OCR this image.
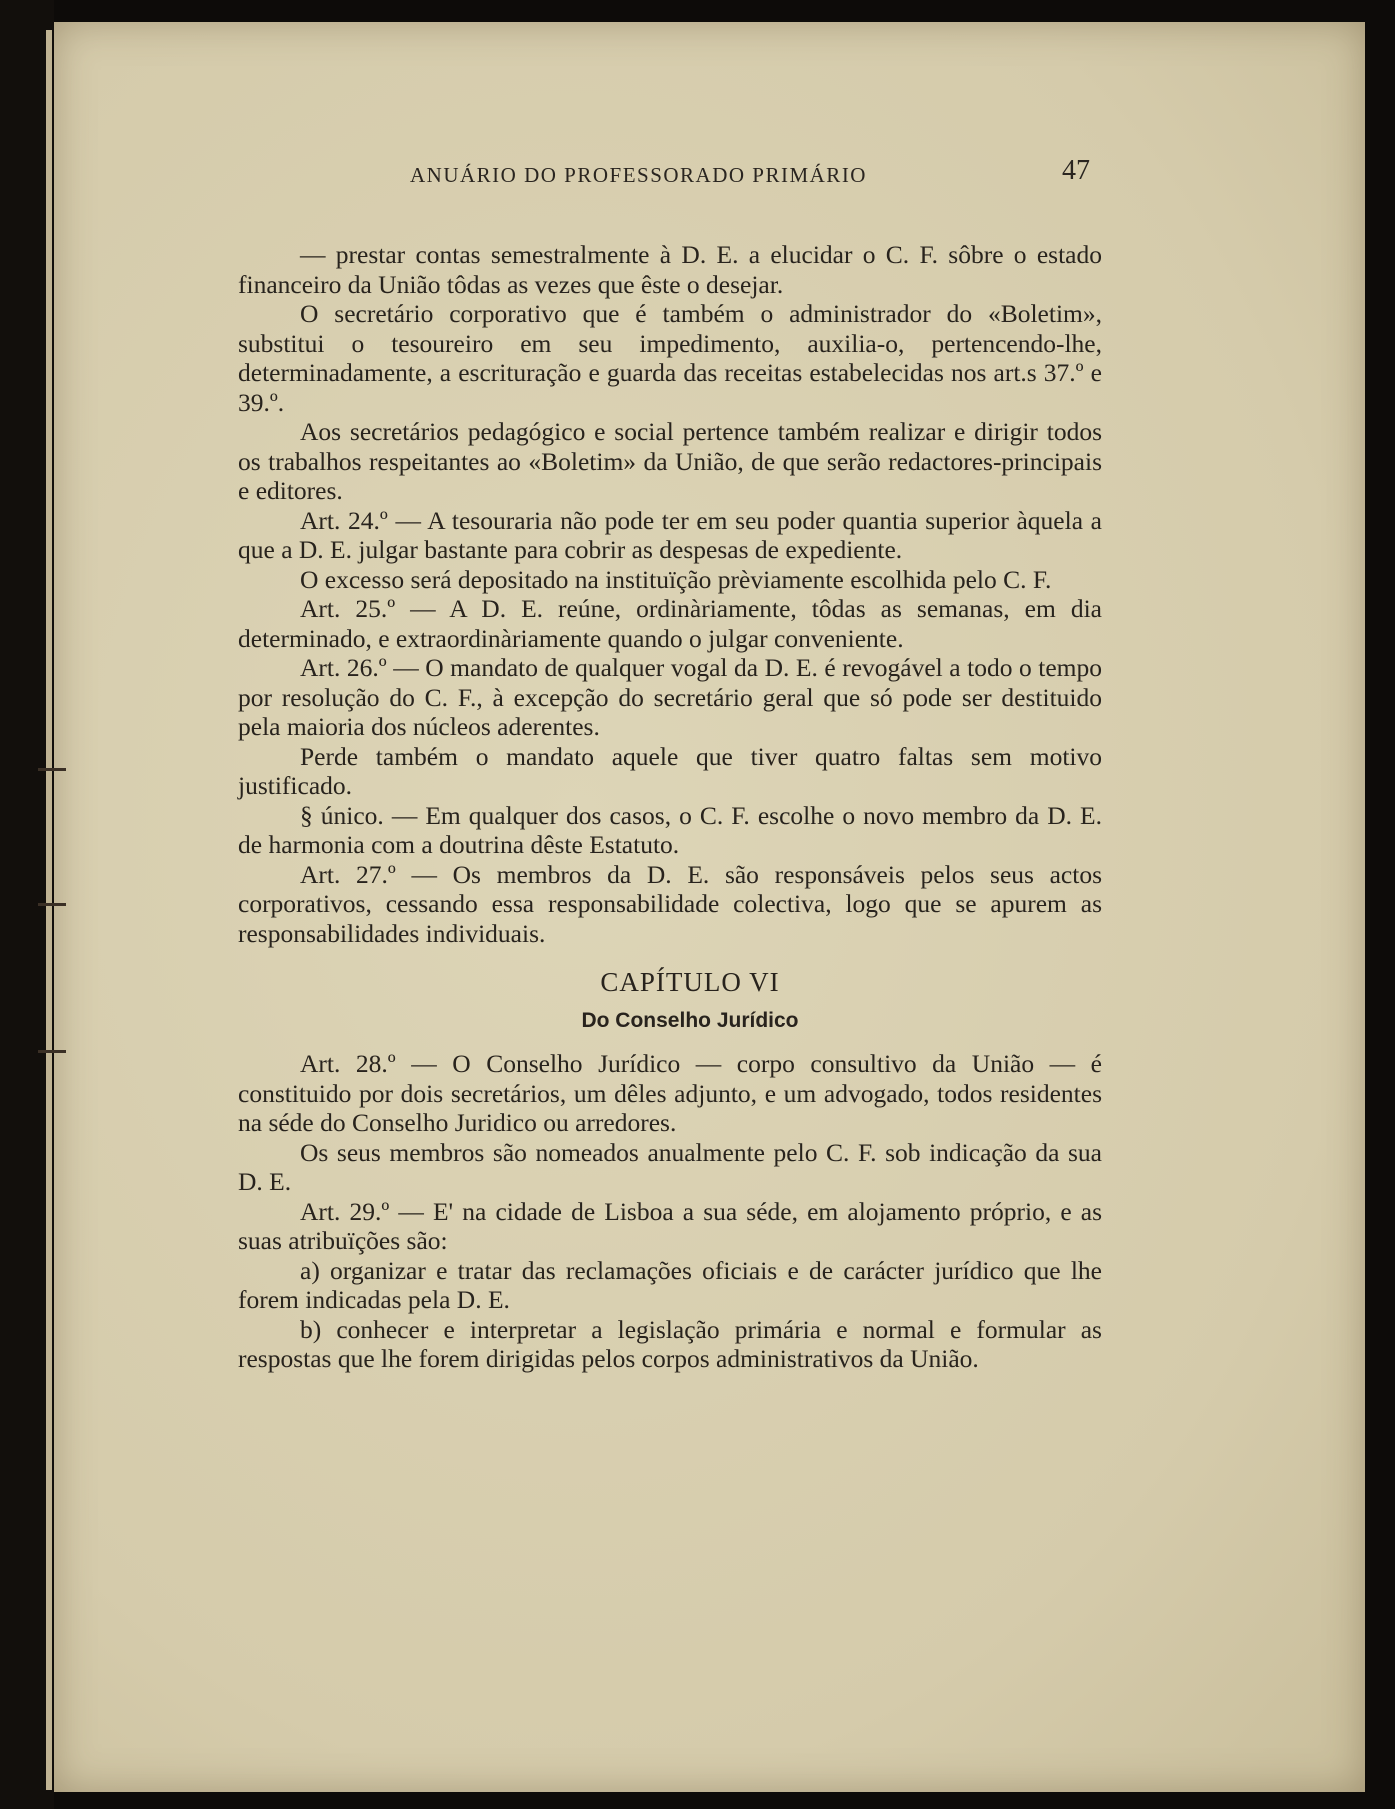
ANUÁRIO DO PROFESSORADO PRIMÁRIO	47

— prestar contas semestralmente à D. E. a elucidar o C. F. sôbre o estado financeiro da União tôdas as vezes que êste o desejar.

O secretário corporativo que é também o administrador do «Boletim», substitui o tesoureiro em seu impedimento, auxilia-o, pertencendo-lhe, determinadamente, a escrituração e guarda das receitas estabelecidas nos art.s 37.º e 39.º.

Aos secretários pedagógico e social pertence também realizar e dirigir todos os trabalhos respeitantes ao «Boletim» da União, de que serão redactores-principais e editores.

Art. 24.º — A tesouraria não pode ter em seu poder quantia superior àquela a que a D. E. julgar bastante para cobrir as despesas de expediente.

O excesso será depositado na instituïção prèviamente escolhida pelo C. F.

Art. 25.º — A D. E. reúne, ordinàriamente, tôdas as semanas, em dia determinado, e extraordinàriamente quando o julgar conveniente.

Art. 26.º — O mandato de qualquer vogal da D. E. é revogável a todo o tempo por resolução do C. F., à excepção do secretário geral que só pode ser destituido pela maioria dos núcleos aderentes.

Perde também o mandato aquele que tiver quatro faltas sem motivo justificado.

§ único. — Em qualquer dos casos, o C. F. escolhe o novo membro da D. E. de harmonia com a doutrina dêste Estatuto.

Art. 27.º — Os membros da D. E. são responsáveis pelos seus actos corporativos, cessando essa responsabilidade colectiva, logo que se apurem as responsabilidades individuais.

CAPÍTULO VI

Do Conselho Jurídico

Art. 28.º — O Conselho Jurídico — corpo consultivo da União — é constituido por dois secretários, um dêles adjunto, e um advogado, todos residentes na séde do Conselho Juridico ou arredores.

Os seus membros são nomeados anualmente pelo C. F. sob indicação da sua D. E.

Art. 29.º — E' na cidade de Lisboa a sua séde, em alojamento próprio, e as suas atribuïções são:

a) organizar e tratar das reclamações oficiais e de carácter jurídico que lhe forem indicadas pela D. E.

b) conhecer e interpretar a legislação primária e normal e formular as respostas que lhe forem dirigidas pelos corpos administrativos da União.
